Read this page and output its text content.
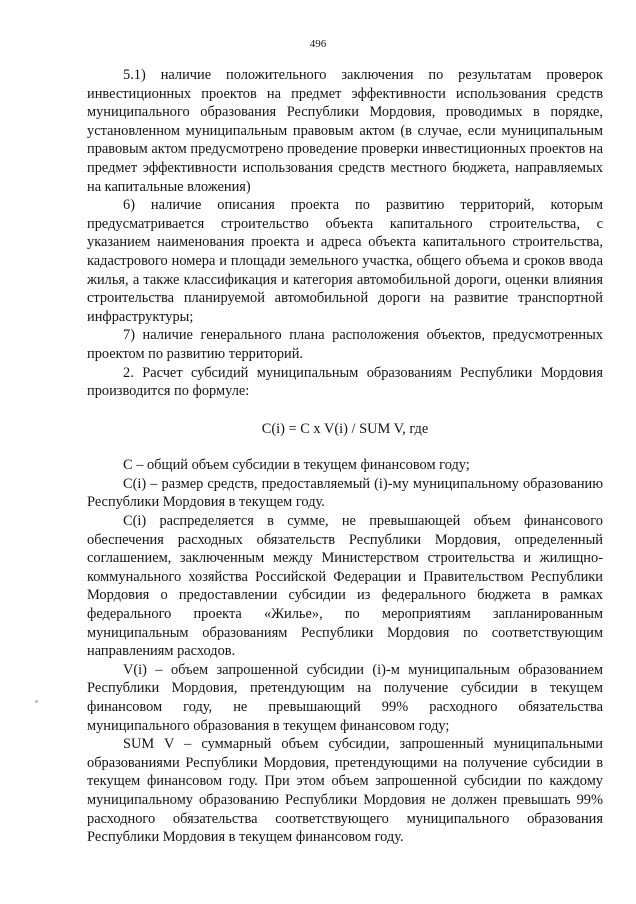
496

5.1) наличие положительного заключения по результатам проверок инвестиционных проектов на предмет эффективности использования средств муниципального образования Республики Мордовия, проводимых в порядке, установленном муниципальным правовым актом (в случае, если муниципальным правовым актом предусмотрено проведение проверки инвестиционных проектов на предмет эффективности использования средств местного бюджета, направляемых на капитальные вложения)

6) наличие описания проекта по развитию территорий, которым предусматривается строительство объекта капитального строительства, с указанием наименования проекта и адреса объекта капитального строительства, кадастрового номера и площади земельного участка, общего объема и сроков ввода жилья, а также классификация и категория автомобильной дороги, оценки влияния строительства планируемой автомобильной дороги на развитие транспортной инфраструктуры;

7) наличие генерального плана расположения объектов, предусмотренных проектом по развитию территорий.

2. Расчет субсидий муниципальным образованиям Республики Мордовия производится по формуле:

C(i) = C x V(i) / SUM V, где

C – общий объем субсидии в текущем финансовом году;

C(i) – размер средств, предоставляемый (i)-му муниципальному образованию Республики Мордовия в текущем году.

C(i) распределяется в сумме, не превышающей объем финансового обеспечения расходных обязательств Республики Мордовия, определенный соглашением, заключенным между Министерством строительства и жилищно-коммунального хозяйства Российской Федерации и Правительством Республики Мордовия о предоставлении субсидии из федерального бюджета в рамках федерального проекта «Жилье», по мероприятиям запланированным муниципальным образованиям Республики Мордовия по соответствующим направлениям расходов.

V(i) – объем запрошенной субсидии (i)-м муниципальным образованием Республики Мордовия, претендующим на получение субсидии в текущем финансовом году, не превышающий 99% расходного обязательства муниципального образования в текущем финансовом году;

SUM V – суммарный объем субсидии, запрошенный муниципальными образованиями Республики Мордовия, претендующими на получение субсидии в текущем финансовом году. При этом объем запрошенной субсидии по каждому муниципальному образованию Республики Мордовия не должен превышать 99% расходного обязательства соответствующего муниципального образования Республики Мордовия в текущем финансовом году.
